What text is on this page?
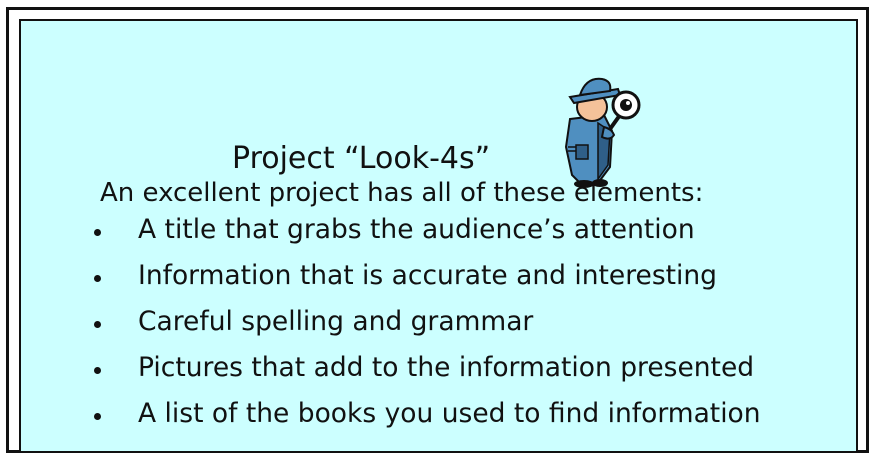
Project “Look-4s”
An excellent project has all of these elements:
A title that grabs the audience’s attention
Information that is accurate and interesting
Careful spelling and grammar
Pictures that add to the information presented
A list of the books you used to find information
